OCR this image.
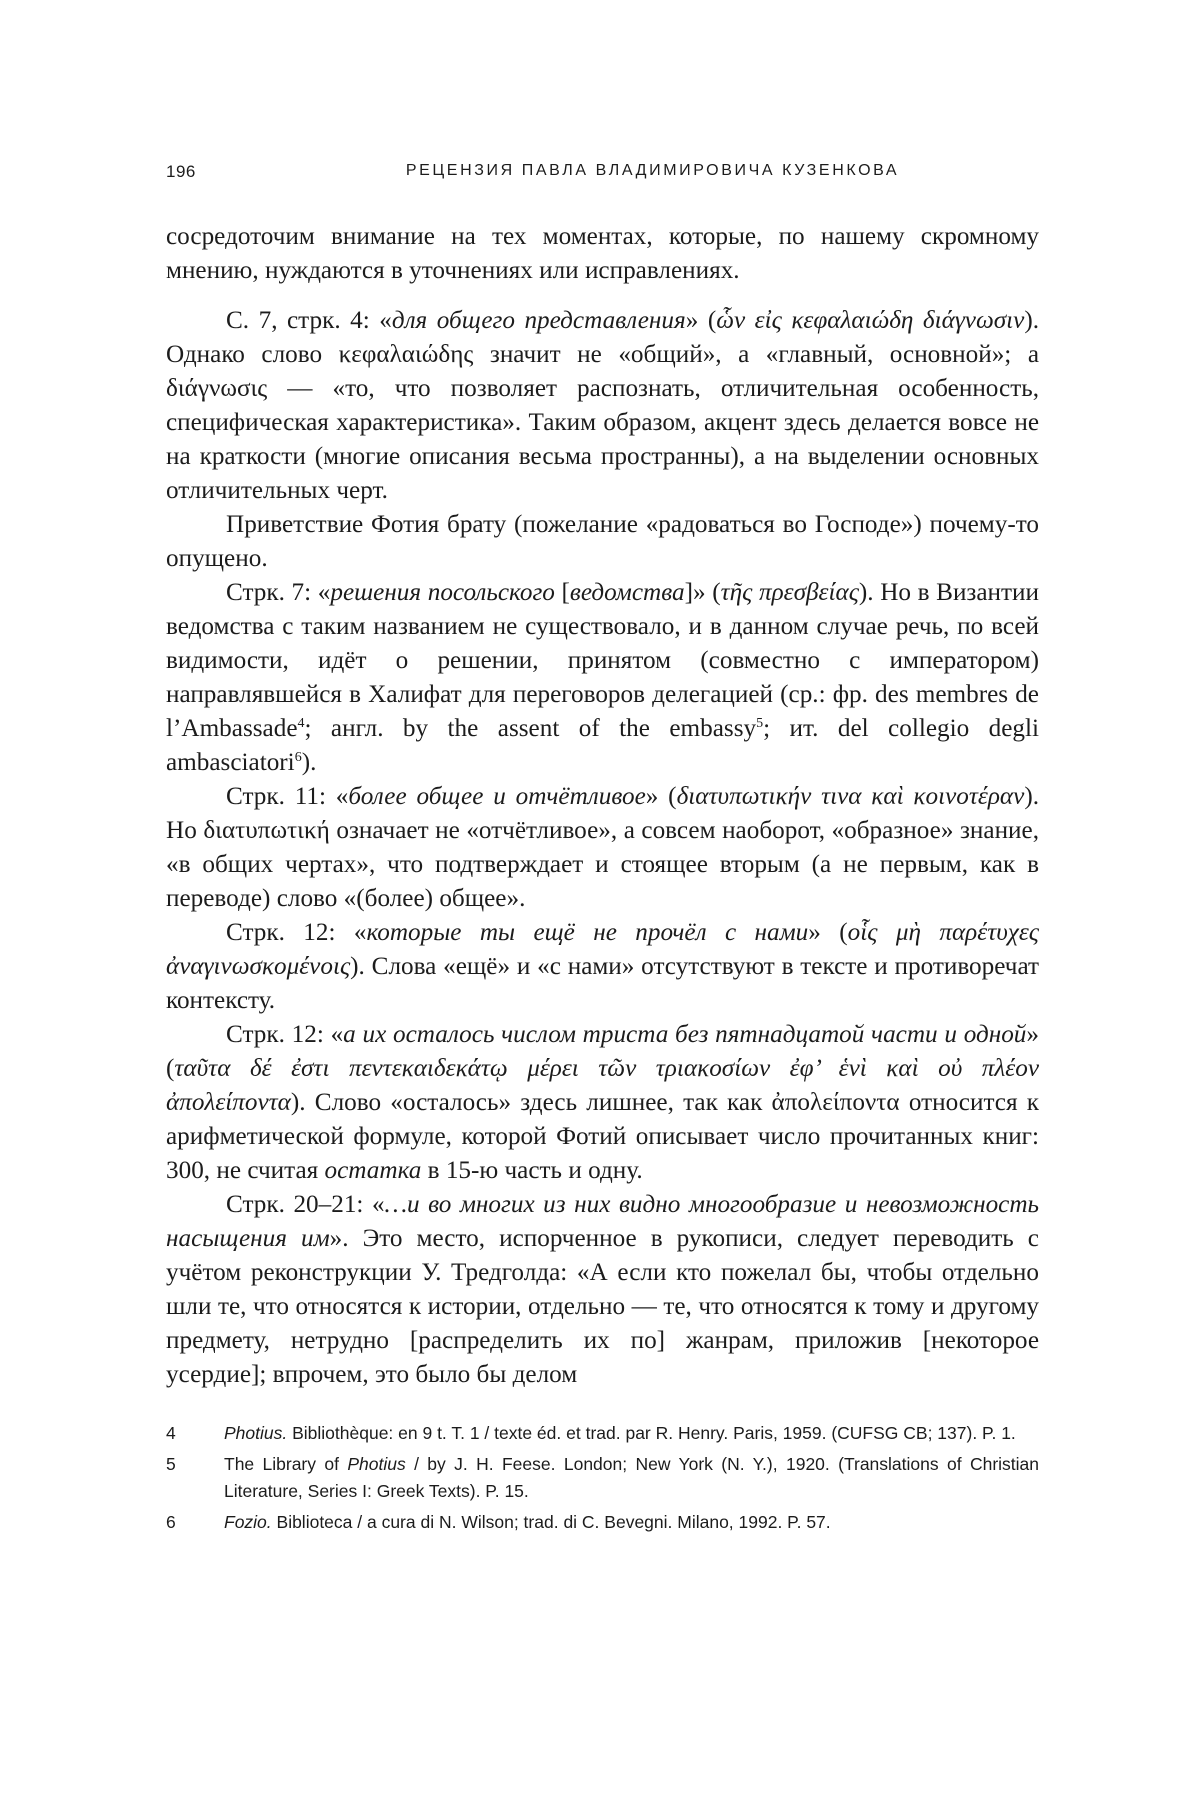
196	РЕЦЕНЗИЯ ПАВЛА ВЛАДИМИРОВИЧА КУЗЕНКОВА

сосредоточим внимание на тех моментах, которые, по нашему скромному мнению, нуждаются в уточнениях или исправлениях.

С. 7, стрк. 4: «для общего представления» (ὧν εἰς κεφαλαιώδη διάγνωσιν). Однако слово κεφαλαιώδης значит не «общий», а «главный, основной»; а διάγνωσις — «то, что позволяет распознать, отличительная особенность, специфическая характеристика». Таким образом, акцент здесь делается вовсе не на краткости (многие описания весьма пространны), а на выделении основных отличительных черт.

Приветствие Фотия брату (пожелание «радоваться во Господе») почему-то опущено.

Стрк. 7: «решения посольского [ведомства]» (τῆς πρεσβείας). Но в Византии ведомства с таким названием не существовало, и в данном случае речь, по всей видимости, идёт о решении, принятом (совместно с императором) направлявшейся в Халифат для переговоров делегацией (ср.: фр. des membres de l’Ambassade$^4$; англ. by the assent of the embassy$^5$; ит. del collegio degli ambasciatori$^6$).

Стрк. 11: «более общее и отчётливое» (διατυπωτικήν τινα καὶ κοινοτέραν). Но διατυπωτική означает не «отчётливое», а совсем наоборот, «образное» знание, «в общих чертах», что подтверждает и стоящее вторым (а не первым, как в переводе) слово «(более) общее».

Стрк. 12: «которые ты ещё не прочёл с нами» (οἷς μὴ παρέτυχες ἀναγινωσκομένοις). Слова «ещё» и «с нами» отсутствуют в тексте и противоречат контексту.

Стрк. 12: «а их осталось числом триста без пятнадцатой части и одной» (ταῦτα δέ ἐστι πεντεκαιδεκάτῳ μέρει τῶν τριακοσίων ἐφ’ ἑνὶ καὶ οὐ πλέον ἀπολείποντα). Слово «осталось» здесь лишнее, так как ἀπολείποντα относится к арифметической формуле, которой Фотий описывает число прочитанных книг: 300, не считая остатка в 15-ю часть и одну.

Стрк. 20–21: «…и во многих из них видно многообразие и невозможность насыщения им». Это место, испорченное в рукописи, следует переводить с учётом реконструкции У. Тредголда: «А если кто пожелал бы, чтобы отдельно шли те, что относятся к истории, отдельно — те, что относятся к тому и другому предмету, нетрудно [распределить их по] жанрам, приложив [некоторое усердие]; впрочем, это было бы делом

4	Photius. Bibliothèque: en 9 t. T. 1 / texte éd. et trad. par R. Henry. Paris, 1959. (CUFSG CB; 137). P. 1.
5	The Library of Photius / by J. H. Feese. London; New York (N. Y.), 1920. (Translations of Christian Literature, Series I: Greek Texts). P. 15.
6	Fozio. Biblioteca / a cura di N. Wilson; trad. di C. Bevegni. Milano, 1992. P. 57.
